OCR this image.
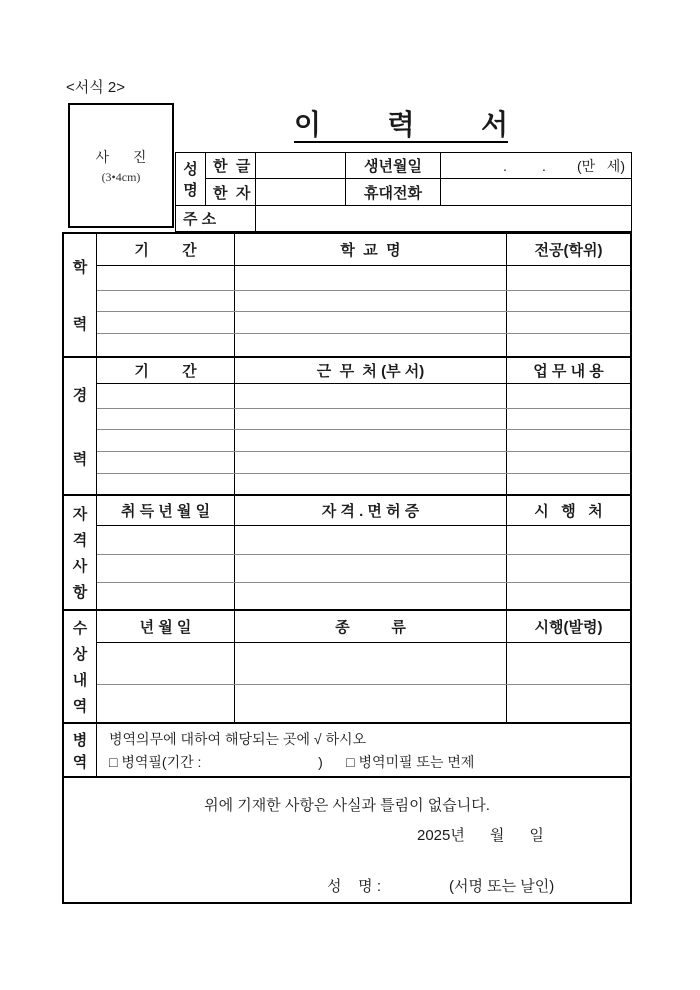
<서식 2>
사 진
(3•4cm)
이 력 서
성
명
한  글	생년월일	.         .        (만   세)
한  자	휴대전화
주 소
학
력
기        간	학  교  명	전공(학위)
경
력
기        간	근  무  처 (부 서)	업 무 내 용
자
격
사
항
취 득 년 월 일	자 격 . 면 허 증	시   행   처
수
상
내
역
년 월 일	종          류	시행(발령)
병
역
병역의무에 대하여 해당되는 곳에 √ 하시오
□ 병역필(기간 :                              )      □ 병역미필 또는 면제
위에 기재한 사항은 사실과 틀림이 없습니다.
2025년      월      일
성    명 :	(서명 또는 날인)
